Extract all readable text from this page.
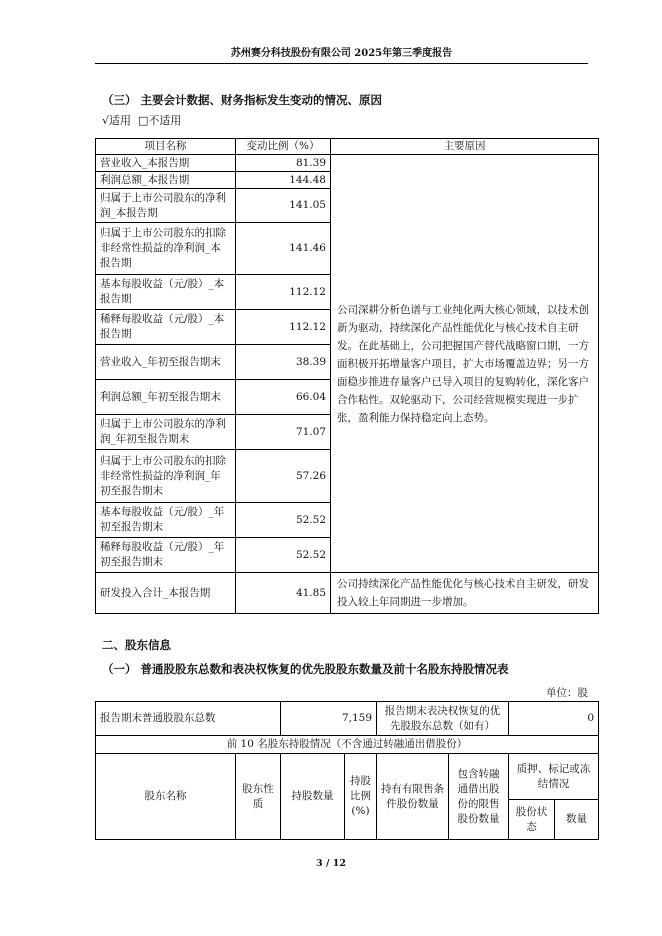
苏州赛分科技股份有限公司 2025年第三季度报告
（三） 主要会计数据、财务指标发生变动的情况、原因
√适用 □不适用
项目名称	变动比例（%）	主要原因
营业收入_本报告期	81.39	公司深耕分析色谱与工业纯化两大核心领域，以技术创新为驱动，持续深化产品性能优化与核心技术自主研发。在此基础上，公司把握国产替代战略窗口期，一方面积极开拓增量客户项目，扩大市场覆盖边界；另一方面稳步推进存量客户已导入项目的复购转化，深化客户合作粘性。双轮驱动下，公司经营规模实现进一步扩张，盈利能力保持稳定向上态势。
利润总额_本报告期	144.48	
归属于上市公司股东的净利润_本报告期	141.05	
归属于上市公司股东的扣除非经常性损益的净利润_本报告期	141.46	
基本每股收益（元/股）_本报告期	112.12	
稀释每股收益（元/股）_本报告期	112.12	
营业收入_年初至报告期末	38.39	
利润总额_年初至报告期末	66.04	
归属于上市公司股东的净利润_年初至报告期末	71.07	
归属于上市公司股东的扣除非经常性损益的净利润_年初至报告期末	57.26	
基本每股收益（元/股）_年初至报告期末	52.52	
稀释每股收益（元/股）_年初至报告期末	52.52	
研发投入合计_本报告期	41.85	公司持续深化产品性能优化与核心技术自主研发，研发投入较上年同期进一步增加。
二、股东信息
（一） 普通股股东总数和表决权恢复的优先股股东数量及前十名股东持股情况表
单位：股
报告期末普通股股东总数		7,159		报告期末表决权恢复的优先股股东总数（如有）		0	
前 10 名股东持股情况（不含通过转融通出借股份）							
股东名称	股东性质	持股数量	持股比例(%)	持有有限售条件股份数量	包含转融通借出股份的限售股份数量	质押、标记或冻结情况	
						股份状态	数量
3 / 12
